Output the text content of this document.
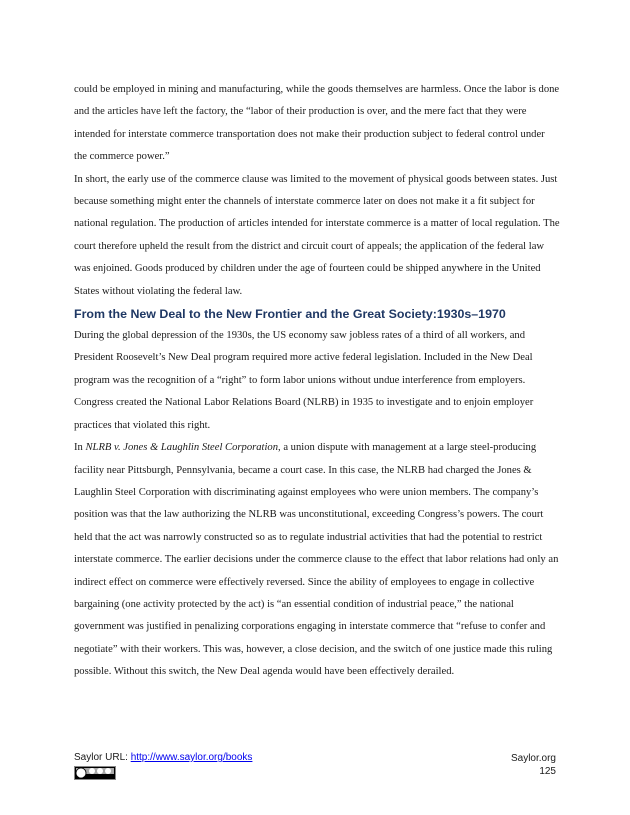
could be employed in mining and manufacturing, while the goods themselves are harmless. Once the labor is done and the articles have left the factory, the “labor of their production is over, and the mere fact that they were intended for interstate commerce transportation does not make their production subject to federal control under the commerce power.”

In short, the early use of the commerce clause was limited to the movement of physical goods between states. Just because something might enter the channels of interstate commerce later on does not make it a fit subject for national regulation. The production of articles intended for interstate commerce is a matter of local regulation. The court therefore upheld the result from the district and circuit court of appeals; the application of the federal law was enjoined. Goods produced by children under the age of fourteen could be shipped anywhere in the United States without violating the federal law.

From the New Deal to the New Frontier and the Great Society:1930s–1970

During the global depression of the 1930s, the US economy saw jobless rates of a third of all workers, and President Roosevelt’s New Deal program required more active federal legislation. Included in the New Deal program was the recognition of a “right” to form labor unions without undue interference from employers. Congress created the National Labor Relations Board (NLRB) in 1935 to investigate and to enjoin employer practices that violated this right.

In NLRB v. Jones & Laughlin Steel Corporation, a union dispute with management at a large steel-producing facility near Pittsburgh, Pennsylvania, became a court case. In this case, the NLRB had charged the Jones & Laughlin Steel Corporation with discriminating against employees who were union members. The company’s position was that the law authorizing the NLRB was unconstitutional, exceeding Congress’s powers. The court held that the act was narrowly constructed so as to regulate industrial activities that had the potential to restrict interstate commerce. The earlier decisions under the commerce clause to the effect that labor relations had only an indirect effect on commerce were effectively reversed. Since the ability of employees to engage in collective bargaining (one activity protected by the act) is “an essential condition of industrial peace,” the national government was justified in penalizing corporations engaging in interstate commerce that “refuse to confer and negotiate” with their workers. This was, however, a close decision, and the switch of one justice made this ruling possible. Without this switch, the New Deal agenda would have been effectively derailed.

Saylor URL: http://www.saylor.org/books	Saylor.org
125
